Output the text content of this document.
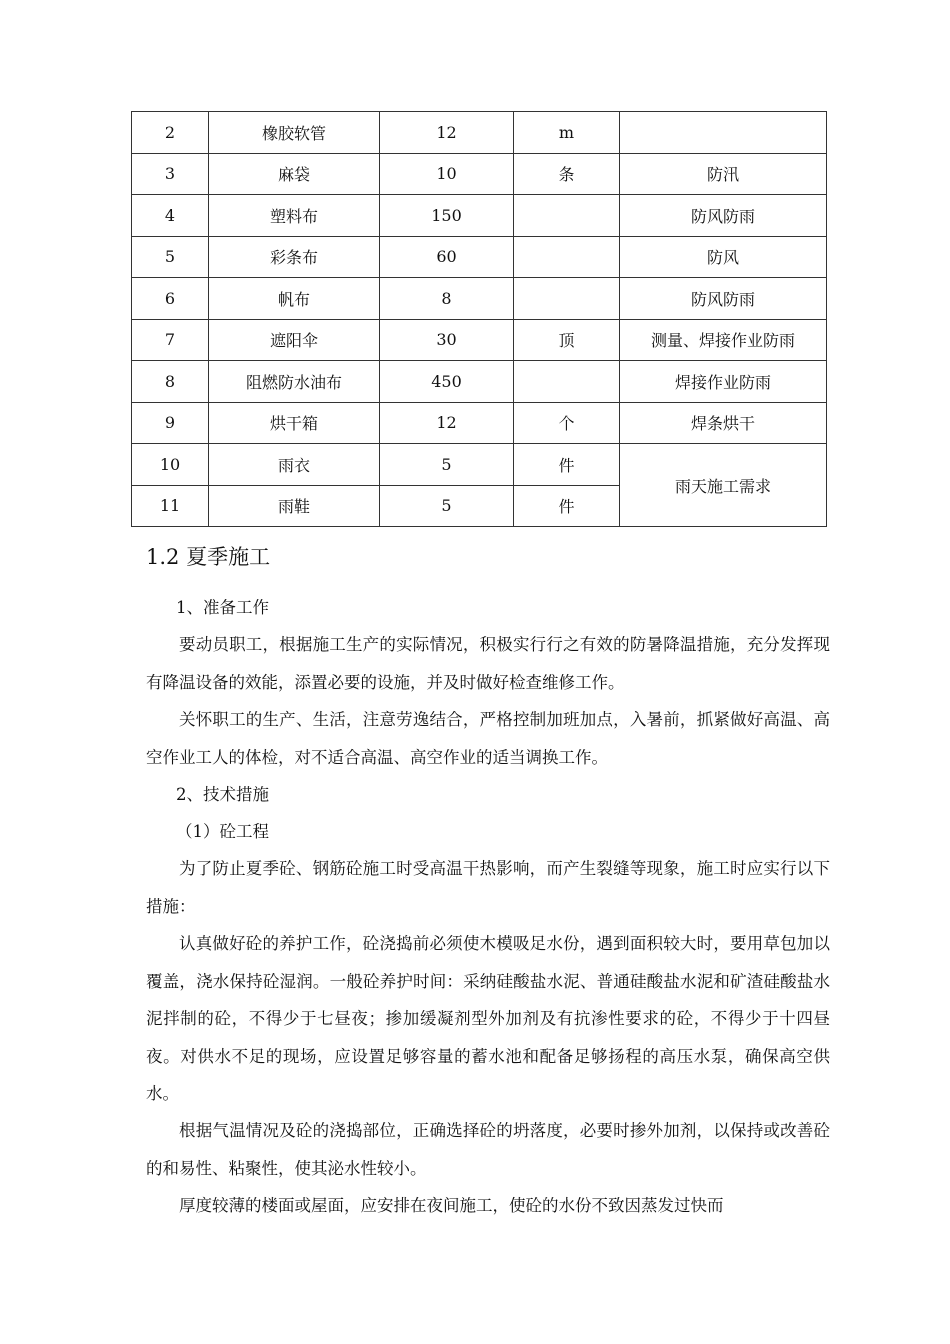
2	橡胶软管	12	m	
3	麻袋	10	条	防汛
4	塑料布	150		防风防雨
5	彩条布	60		防风
6	帆布	8		防风防雨
7	遮阳伞	30	顶	测量、焊接作业防雨
8	阻燃防水油布	450		焊接作业防雨
9	烘干箱	12	个	焊条烘干
10	雨衣	5	件	雨天施工需求
11	雨鞋	5	件	
1.2 夏季施工

1、准备工作

要动员职工，根据施工生产的实际情况，积极实行行之有效的防暑降温措施，充分发挥现有降温设备的效能，添置必要的设施，并及时做好检查维修工作。

关怀职工的生产、生活，注意劳逸结合，严格控制加班加点，入暑前，抓紧做好高温、高空作业工人的体检，对不适合高温、高空作业的适当调换工作。

2、技术措施

（1）砼工程

为了防止夏季砼、钢筋砼施工时受高温干热影响，而产生裂缝等现象，施工时应实行以下措施：

认真做好砼的养护工作，砼浇捣前必须使木模吸足水份，遇到面积较大时，要用草包加以覆盖，浇水保持砼湿润。一般砼养护时间：采纳硅酸盐水泥、普通硅酸盐水泥和矿渣硅酸盐水泥拌制的砼，不得少于七昼夜；掺加缓凝剂型外加剂及有抗渗性要求的砼，不得少于十四昼夜。对供水不足的现场，应设置足够容量的蓄水池和配备足够扬程的高压水泵，确保高空供水。

根据气温情况及砼的浇捣部位，正确选择砼的坍落度，必要时掺外加剂，以保持或改善砼的和易性、粘聚性，使其泌水性较小。

厚度较薄的楼面或屋面，应安排在夜间施工，使砼的水份不致因蒸发过快而
